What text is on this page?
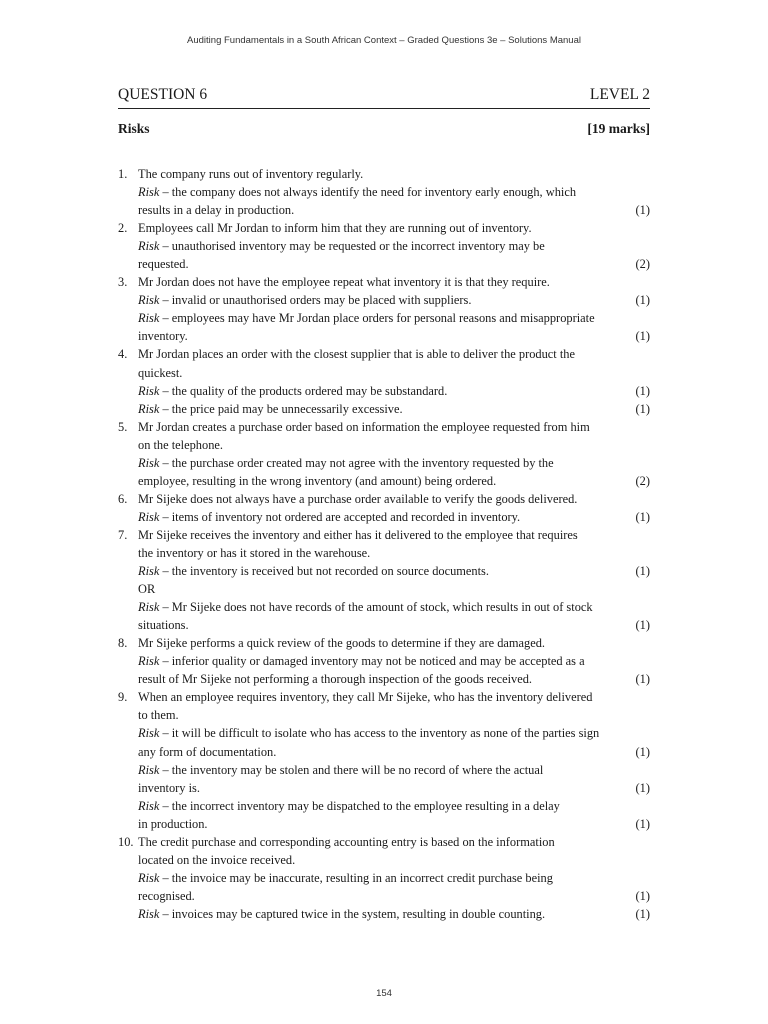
Auditing Fundamentals in a South African Context – Graded Questions 3e – Solutions Manual
QUESTION 6	LEVEL 2
Risks	[19 marks]
1. The company runs out of inventory regularly.
Risk – the company does not always identify the need for inventory early enough, which
results in a delay in production.	(1)
2. Employees call Mr Jordan to inform him that they are running out of inventory.
Risk – unauthorised inventory may be requested or the incorrect inventory may be
requested.	(2)
3. Mr Jordan does not have the employee repeat what inventory it is that they require.
Risk – invalid or unauthorised orders may be placed with suppliers.	(1)
Risk – employees may have Mr Jordan place orders for personal reasons and misappropriate
inventory.	(1)
4. Mr Jordan places an order with the closest supplier that is able to deliver the product the
quickest.
Risk – the quality of the products ordered may be substandard.	(1)
Risk – the price paid may be unnecessarily excessive.	(1)
5. Mr Jordan creates a purchase order based on information the employee requested from him
on the telephone.
Risk – the purchase order created may not agree with the inventory requested by the
employee, resulting in the wrong inventory (and amount) being ordered.	(2)
6. Mr Sijeke does not always have a purchase order available to verify the goods delivered.
Risk – items of inventory not ordered are accepted and recorded in inventory.	(1)
7. Mr Sijeke receives the inventory and either has it delivered to the employee that requires
the inventory or has it stored in the warehouse.
Risk – the inventory is received but not recorded on source documents.	(1)
OR
Risk – Mr Sijeke does not have records of the amount of stock, which results in out of stock
situations.	(1)
8. Mr Sijeke performs a quick review of the goods to determine if they are damaged.
Risk – inferior quality or damaged inventory may not be noticed and may be accepted as a
result of Mr Sijeke not performing a thorough inspection of the goods received.	(1)
9. When an employee requires inventory, they call Mr Sijeke, who has the inventory delivered
to them.
Risk – it will be difficult to isolate who has access to the inventory as none of the parties sign
any form of documentation.	(1)
Risk – the inventory may be stolen and there will be no record of where the actual
inventory is.	(1)
Risk – the incorrect inventory may be dispatched to the employee resulting in a delay
in production.	(1)
10. The credit purchase and corresponding accounting entry is based on the information
located on the invoice received.
Risk – the invoice may be inaccurate, resulting in an incorrect credit purchase being
recognised.	(1)
Risk – invoices may be captured twice in the system, resulting in double counting.	(1)
154
